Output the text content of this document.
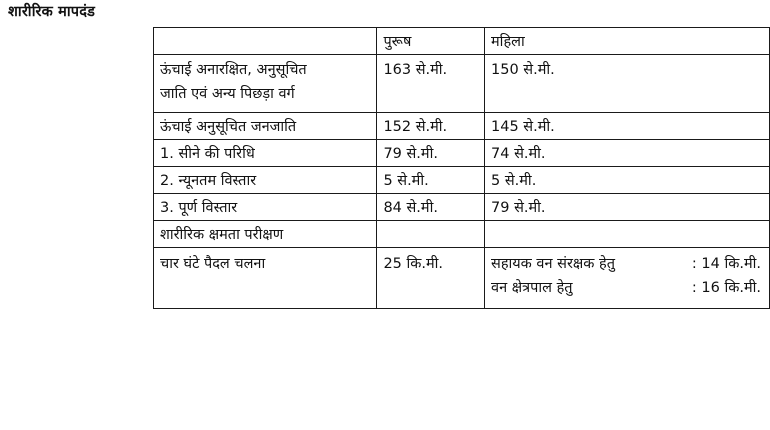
शारीरिक मापदंड
	पुरूष	महिला

ऊंचाई अनारक्षित, अनुसूचित
जाति एवं अन्य पिछड़ा वर्ग	163 से.मी.	150 से.मी.

ऊंचाई अनुसूचित जनजाति	152 से.मी.	145 से.मी.
1. सीने की परिधि	79 से.मी.	74 से.मी.
2. न्यूनतम विस्तार	5 से.मी.	5 से.मी.
3. पूर्ण विस्तार	84 से.मी.	79 से.मी.
शारीरिक क्षमता परीक्षण		

चार घंटे पैदल चलना	25 कि.मी.	सहायक वन संरक्षक हेतु : 14 कि.मी.
वन क्षेत्रपाल हेतु : 16 कि.मी.
